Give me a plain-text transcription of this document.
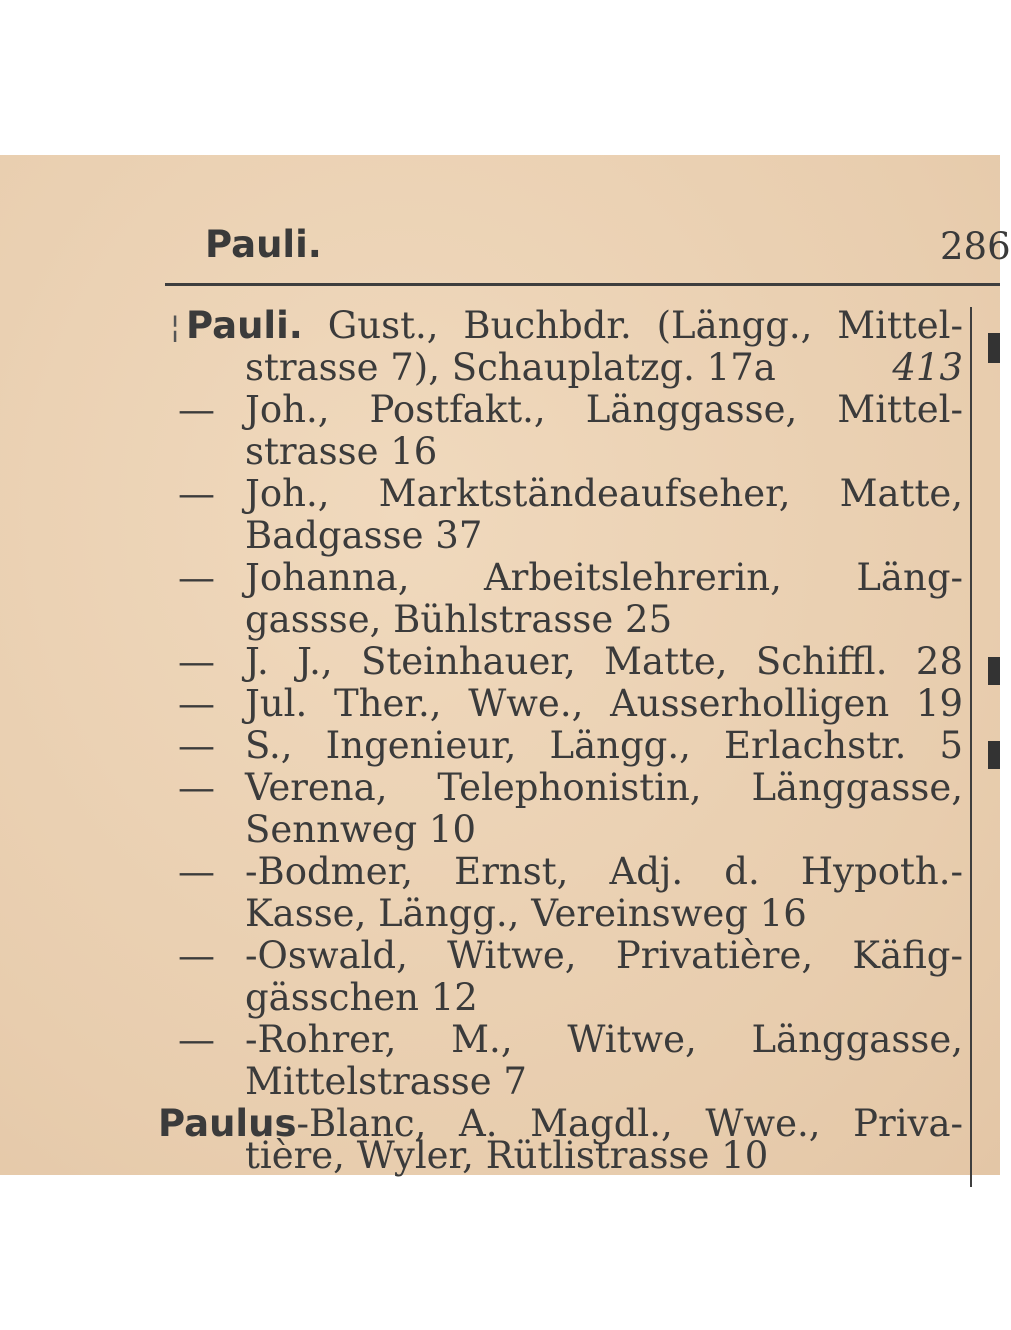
Pauli.	286
Pauli. Gust., Buchbdr. (Längg., Mittel-
strasse 7), Schauplatzg. 17a	413
— Joh., Postfakt., Länggasse, Mittel-
strasse 16
— Joh., Marktständeaufseher, Matte,
Badgasse 37
— Johanna, Arbeitslehrerin, Läng-
gassse, Bühlstrasse 25
— J. J., Steinhauer, Matte, Schiffl. 28
— Jul. Ther., Wwe., Ausserholligen 19
— S., Ingenieur, Längg., Erlachstr. 5
— Verena, Telephonistin, Länggasse,
Sennweg 10
— -Bodmer, Ernst, Adj. d. Hypoth.-
Kasse, Längg., Vereinsweg 16
— -Oswald, Witwe, Privatière, Käfig-
gässchen 12
— -Rohrer, M., Witwe, Länggasse,
Mittelstrasse 7
Paulus-Blanc, A. Magdl., Wwe., Priva-
tière, Wyler, Rütlistrasse 10
¦
